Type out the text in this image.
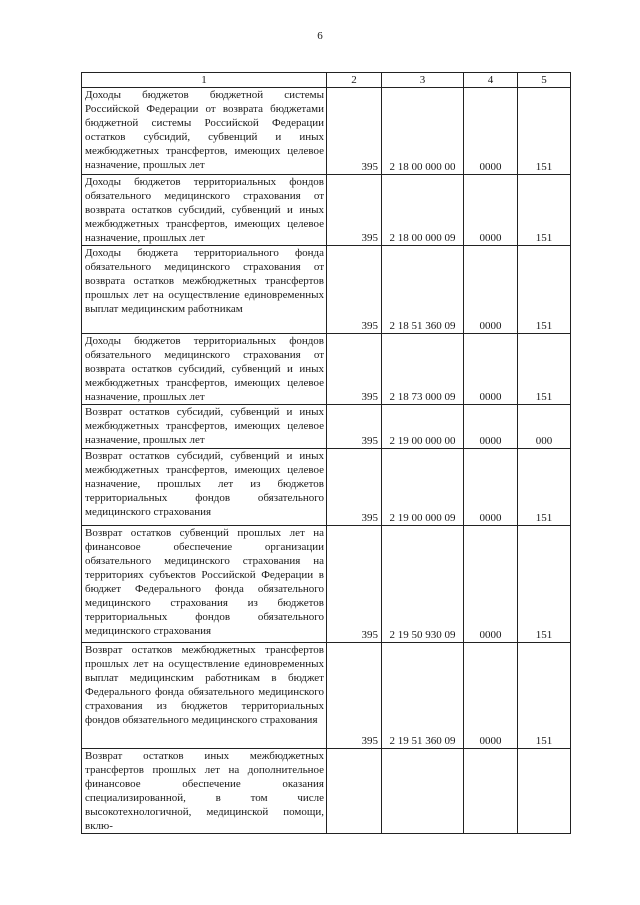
6
1	2	3	4	5
Доходы бюджетов бюджетной системы Российской Федерации от возврата бюджетами бюджетной системы Российской Федерации остатков субсидий, субвенций и иных межбюджетных трансфертов, имеющих целевое назначение, прошлых лет	395	2 18 00 000 00	0000	151
Доходы бюджетов территориальных фондов обязательного медицинского страхования от возврата остатков субсидий, субвенций и иных межбюджетных трансфертов, имеющих целевое назначение, прошлых лет	395	2 18 00 000 09	0000	151
Доходы бюджета территориального фонда обязательного медицинского страхования от возврата остатков межбюджетных трансфертов прошлых лет на осуществление единовременных выплат медицинским работникам	395	2 18 51 360 09	0000	151
Доходы бюджетов территориальных фондов обязательного медицинского страхования от возврата остатков субсидий, субвенций и иных межбюджетных трансфертов, имеющих целевое назначение, прошлых лет	395	2 18 73 000 09	0000	151
Возврат остатков субсидий, субвенций и иных межбюджетных трансфертов, имеющих целевое назначение, прошлых лет	395	2 19 00 000 00	0000	000
Возврат остатков субсидий, субвенций и иных межбюджетных трансфертов, имеющих целевое назначение, прошлых лет из бюджетов территориальных фондов обязательного медицинского страхования	395	2 19 00 000 09	0000	151
Возврат остатков субвенций прошлых лет на финансовое обеспечение организации обязательного медицинского страхования на территориях субъектов Российской Федерации в бюджет Федерального фонда обязательного медицинского страхования из бюджетов территориальных фондов обязательного медицинского страхования	395	2 19 50 930 09	0000	151
Возврат остатков межбюджетных трансфертов прошлых лет на осуществление единовременных выплат медицинским работникам в бюджет Федерального фонда обязательного медицинского страхования из бюджетов территориальных фондов обязательного медицинского страхования	395	2 19 51 360 09	0000	151
Возврат остатков иных межбюджетных трансфертов прошлых лет на дополнительное финансовое обеспечение оказания специализированной, в том числе высокотехнологичной, медицинской помощи, вклю-				
